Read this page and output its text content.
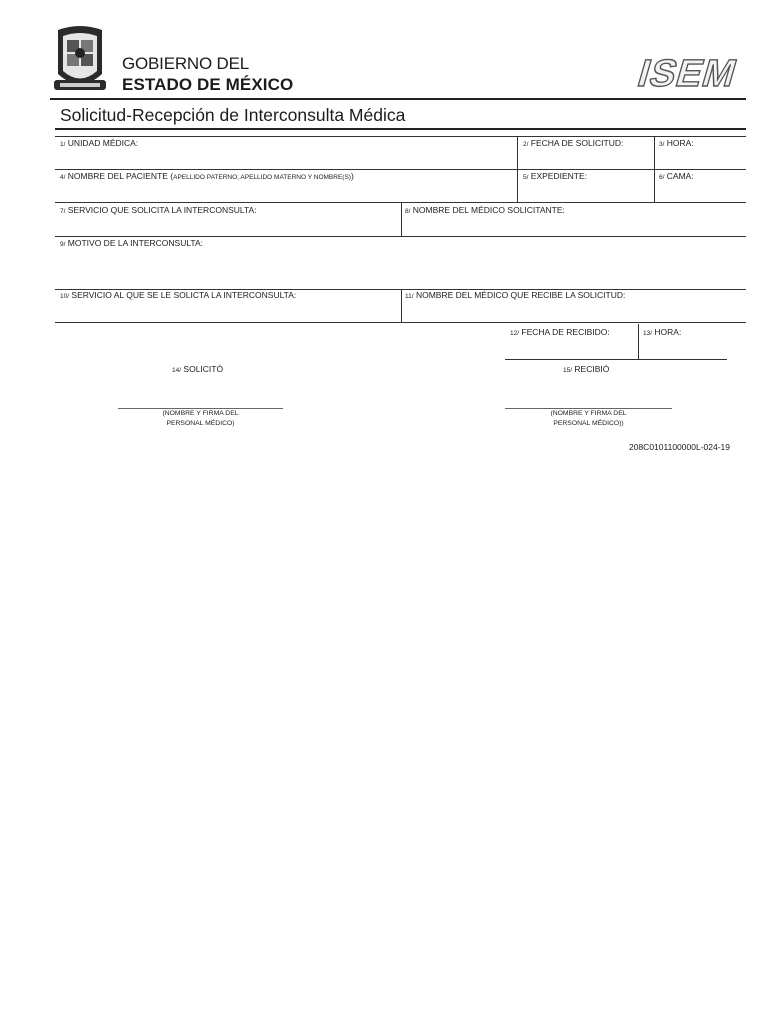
GOBIERNO DEL
ESTADO DE MÉXICO	ISEM
Solicitud-Recepción de Interconsulta Médica
1/ UNIDAD MÉDICA:	2/ FECHA DE SOLICITUD:	3/ HORA:
4/ NOMBRE DEL PACIENTE (APELLIDO PATERNO, APELLIDO MATERNO Y NOMBRE(S))	5/ EXPEDIENTE:	6/ CAMA:
7/ SERVICIO QUE SOLICITA LA INTERCONSULTA:	8/ NOMBRE DEL MÉDICO SOLICITANTE:
9/ MOTIVO DE LA INTERCONSULTA:
10/ SERVICIO AL QUE SE LE SOLICTA LA INTERCONSULTA:	11/ NOMBRE DEL MÉDICO QUE RECIBE LA SOLICITUD:
12/ FECHA DE RECIBIDO:	13/ HORA:
14/ SOLICITÓ	15/ RECIBIÓ
(NOMBRE Y FIRMA DEL
PERSONAL MÉDICO)
(NOMBRE Y FIRMA DEL
PERSONAL MÉDICO))
208C0101100000L-024-19
